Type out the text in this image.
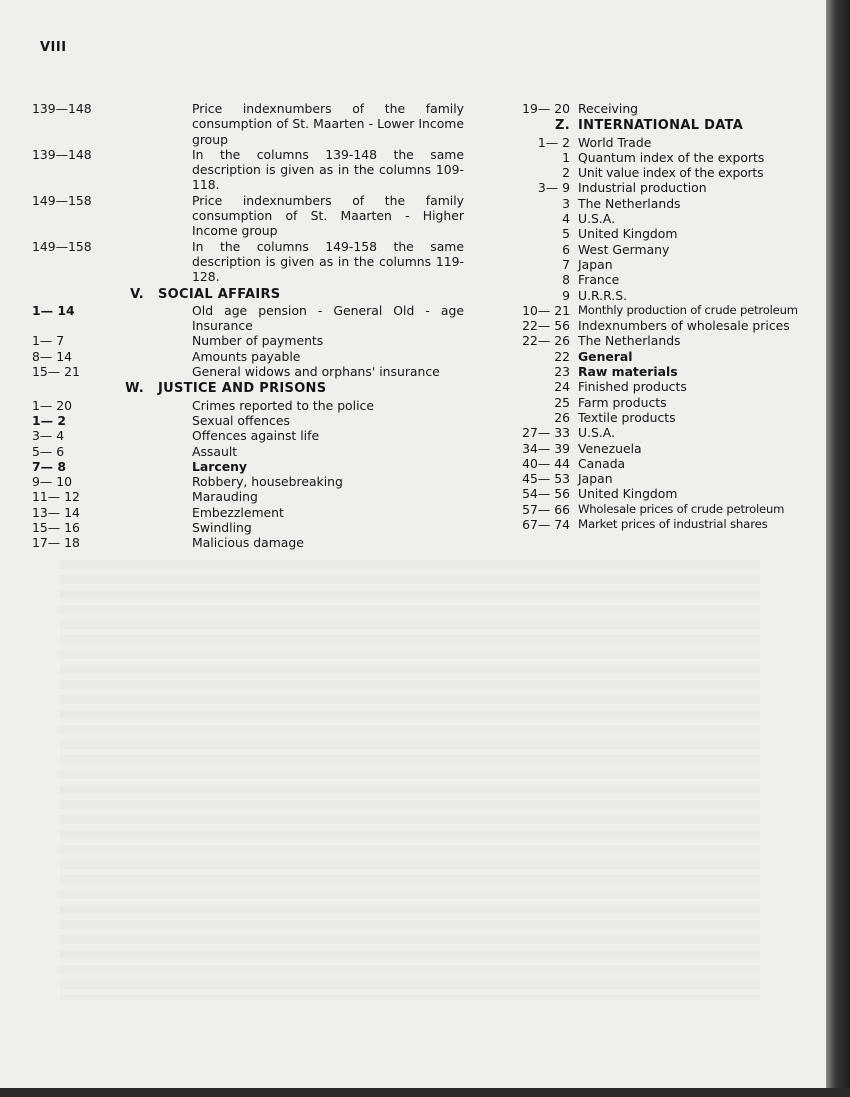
VIII
139—148	Price indexnumbers of the family consumption of St. Maarten - Lower Income group
139—148	In the columns 139-148 the same description is given as in the columns 109-118.
149—158	Price indexnumbers of the family consumption of St. Maarten - Higher Income group
149—158	In the columns 149-158 the same description is given as in the columns 119-128.
V.	SOCIAL AFFAIRS
1— 14	Old age pension - General Old - age Insurance
1— 7	Number of payments
8— 14	Amounts payable
15— 21	General widows and orphans' insurance
W.	JUSTICE AND PRISONS
1— 20	Crimes reported to the police
1— 2	Sexual offences
3— 4	Offences against life
5— 6	Assault
7— 8	Larceny
9— 10	Robbery, housebreaking
11— 12	Marauding
13— 14	Embezzlement
15— 16	Swindling
17— 18	Malicious damage
19— 20 Receiving
Z. INTERNATIONAL DATA
1— 2 World Trade
1 Quantum index of the exports
2 Unit value index of the exports
3— 9 Industrial production
3 The Netherlands
4 U.S.A.
5 United Kingdom
6 West Germany
7 Japan
8 France
9 U.R.R.S.
10— 21 Monthly production of crude petroleum
22— 56 Indexnumbers of wholesale prices
22— 26 The Netherlands
22 General
23 Raw materials
24 Finished products
25 Farm products
26 Textile products
27— 33 U.S.A.
34— 39 Venezuela
40— 44 Canada
45— 53 Japan
54— 56 United Kingdom
57— 66 Wholesale prices of crude petroleum
67— 74 Market prices of industrial shares
